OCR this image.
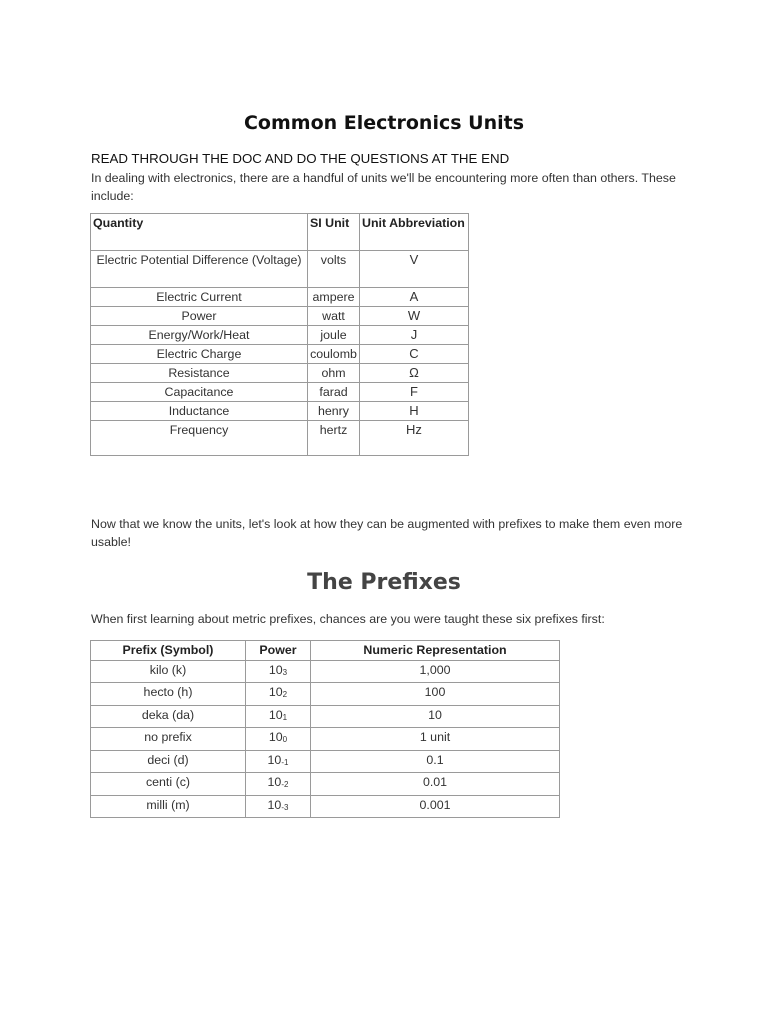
Common Electronics Units
READ THROUGH THE DOC AND DO THE QUESTIONS AT THE END
In dealing with electronics, there are a handful of units we'll be encountering more often than others. These include:
Quantity	SI Unit	Unit Abbreviation
Electric Potential Difference (Voltage)	volts	V
Electric Current	ampere	A
Power	watt	W
Energy/Work/Heat	joule	J
Electric Charge	coulomb	C
Resistance	ohm	Ω
Capacitance	farad	F
Inductance	henry	H
Frequency	hertz	Hz
Now that we know the units, let's look at how they can be augmented with prefixes to make them even more usable!
The Prefixes
When first learning about metric prefixes, chances are you were taught these six prefixes first:
Prefix (Symbol)	Power	Numeric Representation
kilo (k)	$10_3$	1,000
hecto (h)	$10_2$	100
deka (da)	$10_1$	10
no prefix	$10_0$	1 unit
deci (d)	$10_{-1}$	0.1
centi (c)	$10_{-2}$	0.01
milli (m)	$10_{-3}$	0.001
